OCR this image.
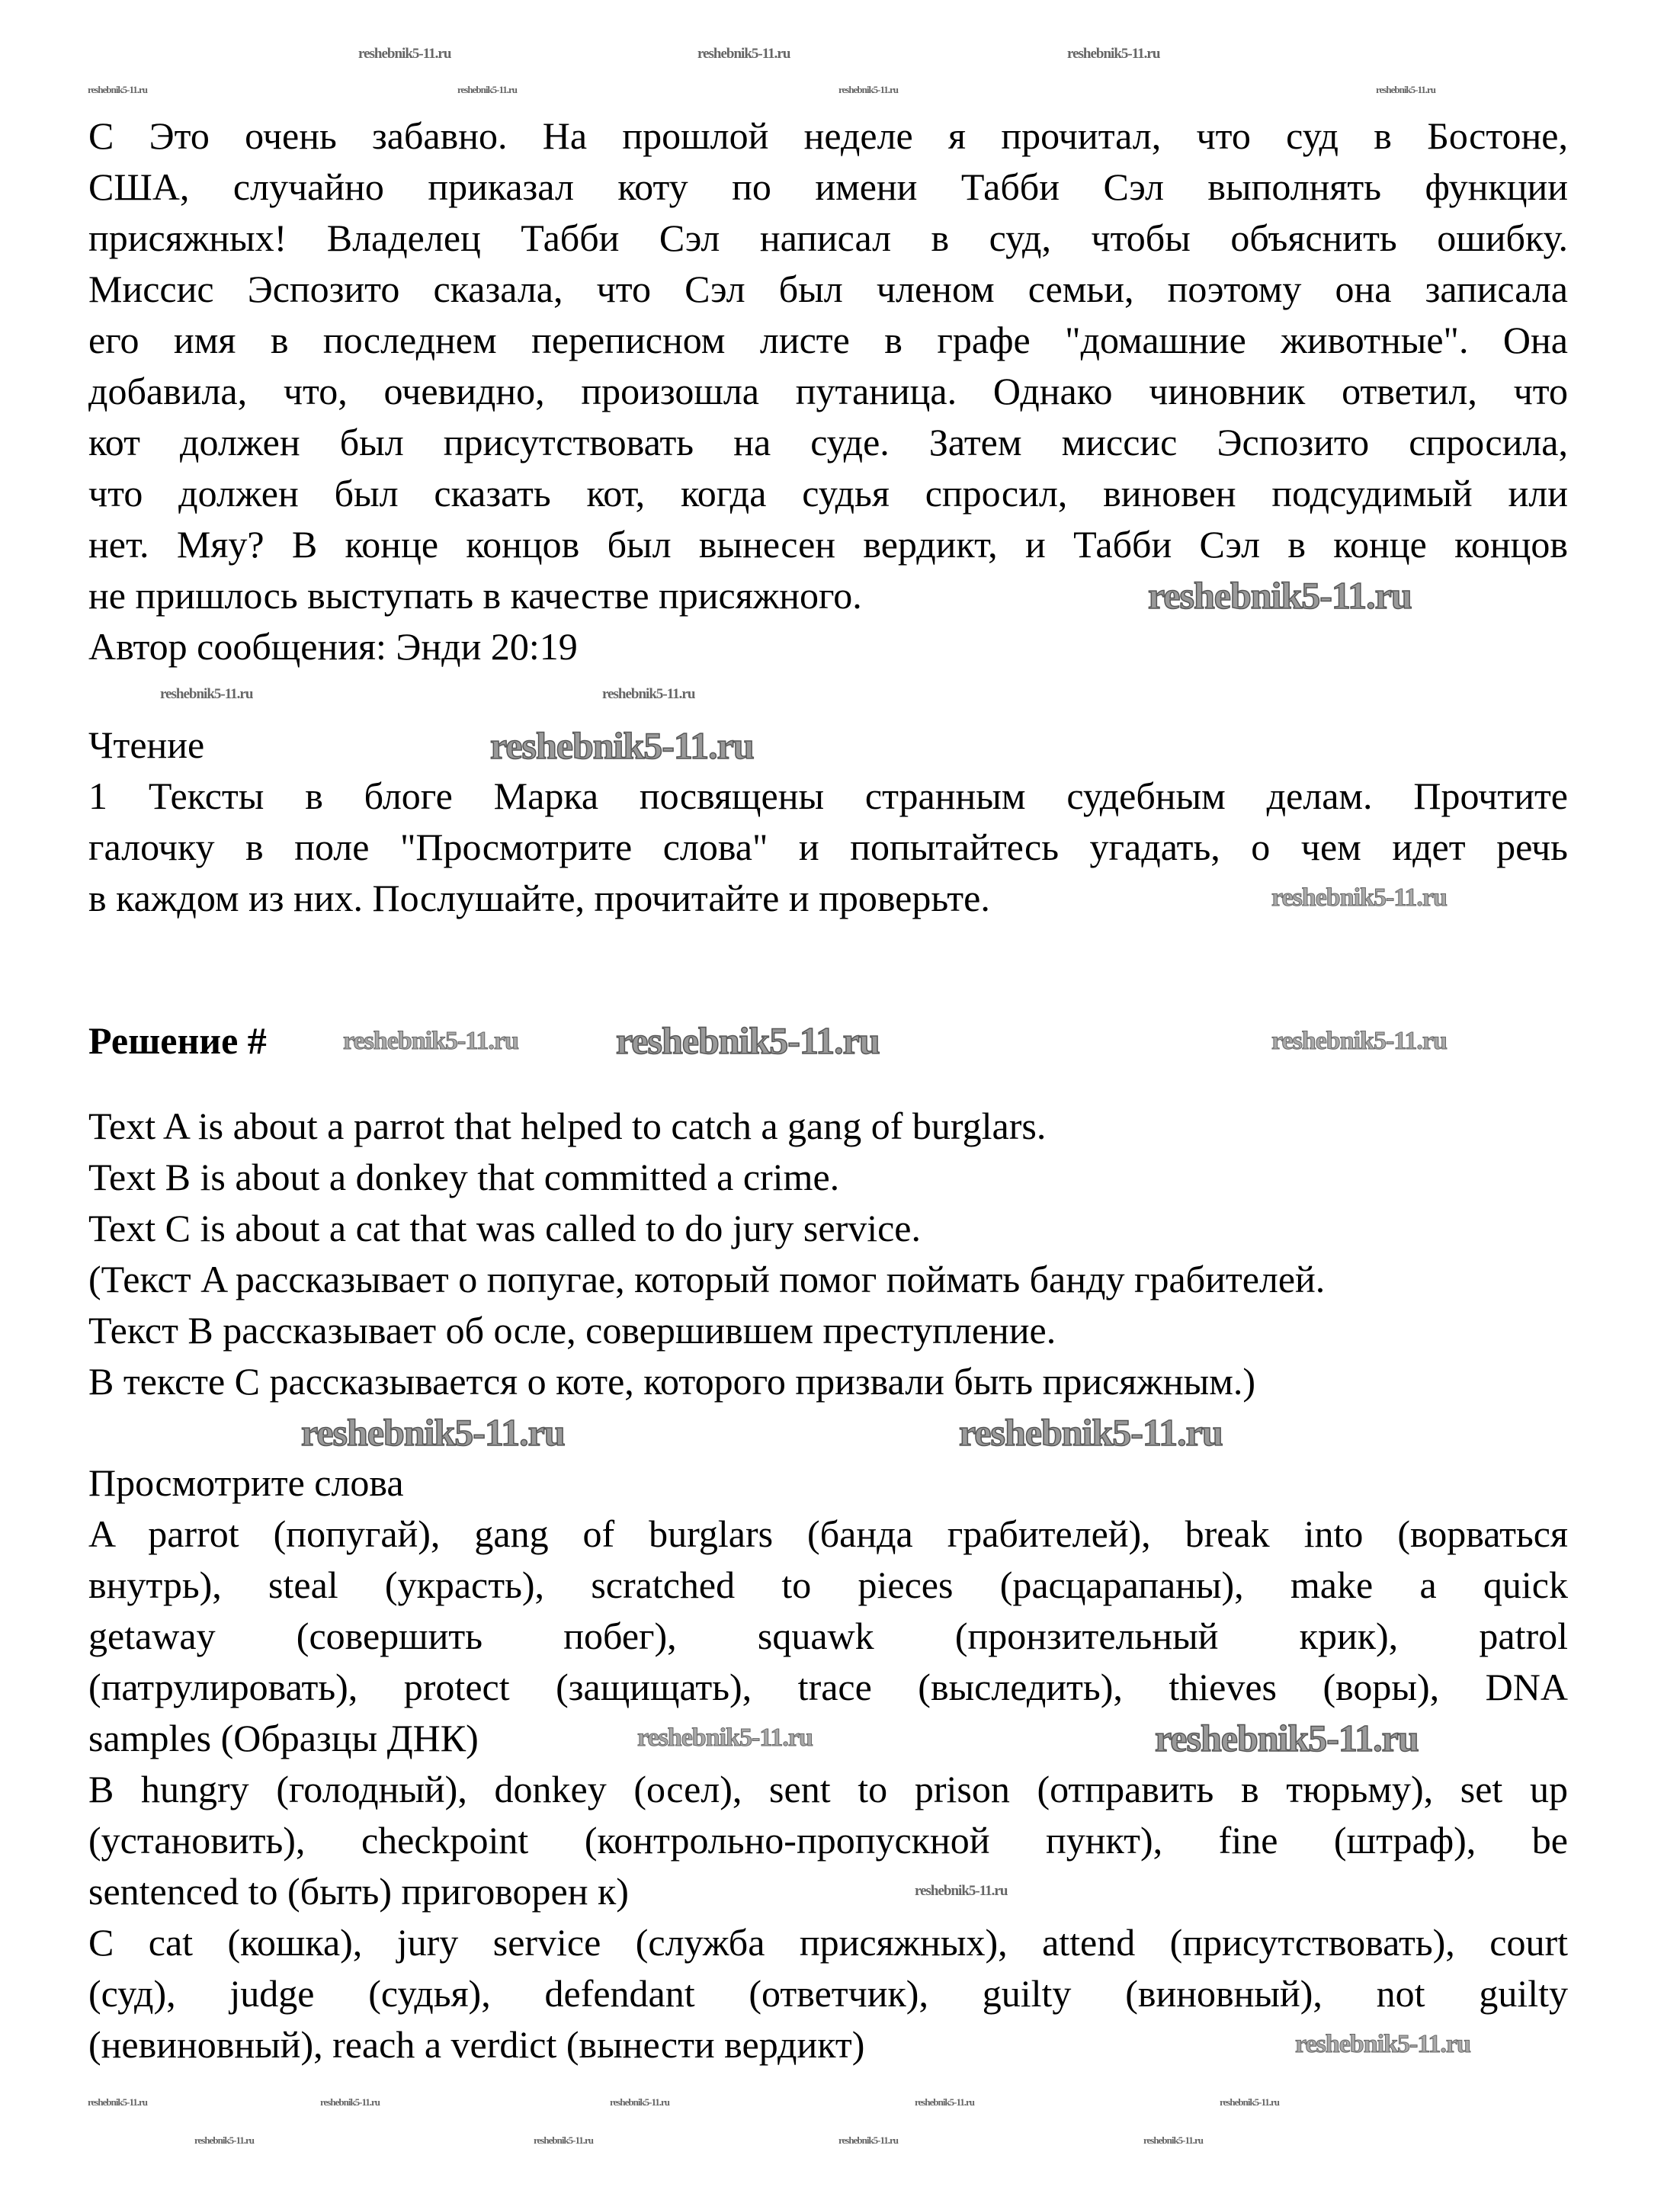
С Это очень забавно. На прошлой неделе я прочитал, что суд в Бостоне,
США, случайно приказал коту по имени Табби Сэл выполнять функции
присяжных! Владелец Табби Сэл написал в суд, чтобы объяснить ошибку.
Миссис Эспозито сказала, что Сэл был членом семьи, поэтому она записала
его имя в последнем переписном листе в графе "домашние животные". Она
добавила, что, очевидно, произошла путаница. Однако чиновник ответил, что
кот должен был присутствовать на суде. Затем миссис Эспозито спросила,
что должен был сказать кот, когда судья спросил, виновен подсудимый или
нет. Мяу? В конце концов был вынесен вердикт, и Табби Сэл в конце концов
не пришлось выступать в качестве присяжного.
Автор сообщения: Энди 20:19
Чтение
1 Тексты в блоге Марка посвящены странным судебным делам. Прочтите
галочку в поле "Просмотрите слова" и попытайтесь угадать, о чем идет речь
в каждом из них. Послушайте, прочитайте и проверьте.
Решение #
Text A is about a parrot that helped to catch a gang of burglars.
Text B is about a donkey that committed a crime.
Text C is about a cat that was called to do jury service.
(Текст A рассказывает о попугае, который помог поймать банду грабителей.
Текст B рассказывает об осле, совершившем преступление.
В тексте C рассказывается о коте, которого призвали быть присяжным.)
Просмотрите слова
A parrot (попугай), gang of burglars (банда грабителей), break into (ворваться
внутрь), steal (украсть), scratched to pieces (расцарапаны), make a quick
getaway (совершить побег), squawk (пронзительный крик), patrol
(патрулировать), protect (защищать), trace (выследить), thieves (воры), DNA
samples (Образцы ДНК)
B hungry (голодный), donkey (осел), sent to prison (отправить в тюрьму), set up
(установить), checkpoint (контрольно-пропускной пункт), fine (штраф), be
sentenced to (быть) приговорен к)
C cat (кошка), jury service (служба присяжных), attend (присутствовать), court
(суд), judge (судья), defendant (ответчик), guilty (виновный), not guilty
(невиновный), reach a verdict (вынести вердикт)
reshebnik5-11.ru
reshebnik5-11.ru
reshebnik5-11.ru
reshebnik5-11.ru	reshebnik5-11.ru
reshebnik5-11.ru
reshebnik5-11.ru
reshebnik5-11.ru	reshebnik5-11.ru
reshebnik5-11.ru
reshebnik5-11.ru
reshebnik5-11.ru	reshebnik5-11.ru	reshebnik5-11.ru
reshebnik5-11.ru
reshebnik5-11.ru
reshebnik5-11.ru
reshebnik5-11.ru	reshebnik5-11.ru	reshebnik5-11.ru	reshebnik5-11.ru
reshebnik5-11.ru	reshebnik5-11.ru	reshebnik5-11.ru	reshebnik5-11.ru	reshebnik5-11.ru
reshebnik5-11.ru	reshebnik5-11.ru	reshebnik5-11.ru	reshebnik5-11.ru
